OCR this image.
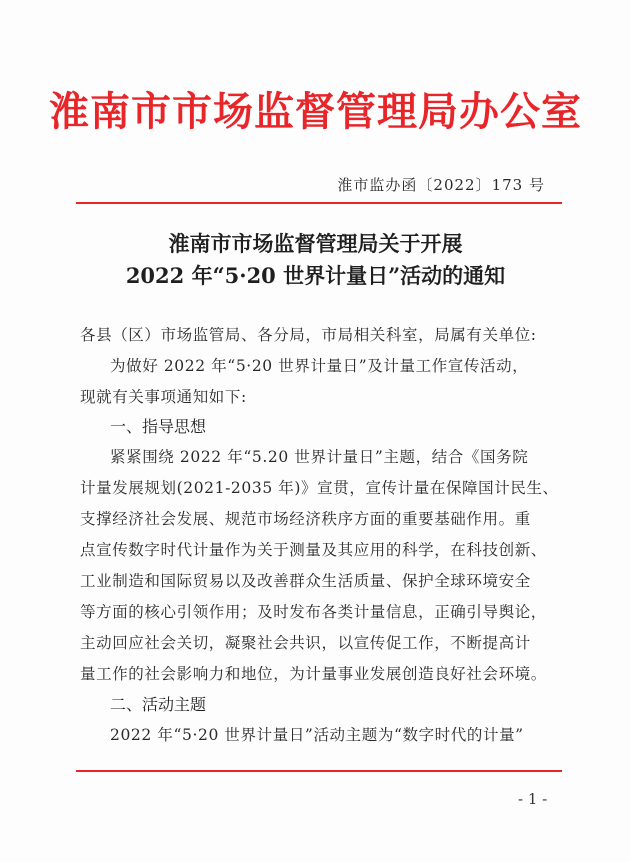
淮南市市场监督管理局办公室
淮市监办函〔2022〕173 号
淮南市市场监督管理局关于开展
2022 年“5·20 世界计量日”活动的通知
各县（区）市场监管局、各分局，市局相关科室，局属有关单位:
为做好 2022 年“5·20 世界计量日”及计量工作宣传活动，
现就有关事项通知如下:
一、指导思想
紧紧围绕 2022 年“5.20 世界计量日”主题，结合《国务院
计量发展规划(2021-2035 年)》宣贯，宣传计量在保障国计民生、
支撑经济社会发展、规范市场经济秩序方面的重要基础作用。重
点宣传数字时代计量作为关于测量及其应用的科学，在科技创新、
工业制造和国际贸易以及改善群众生活质量、保护全球环境安全
等方面的核心引领作用；及时发布各类计量信息，正确引导舆论，
主动回应社会关切，凝聚社会共识，以宣传促工作，不断提高计
量工作的社会影响力和地位，为计量事业发展创造良好社会环境。
二、活动主题
2022 年“5·20 世界计量日”活动主题为“数字时代的计量”
- 1 -
